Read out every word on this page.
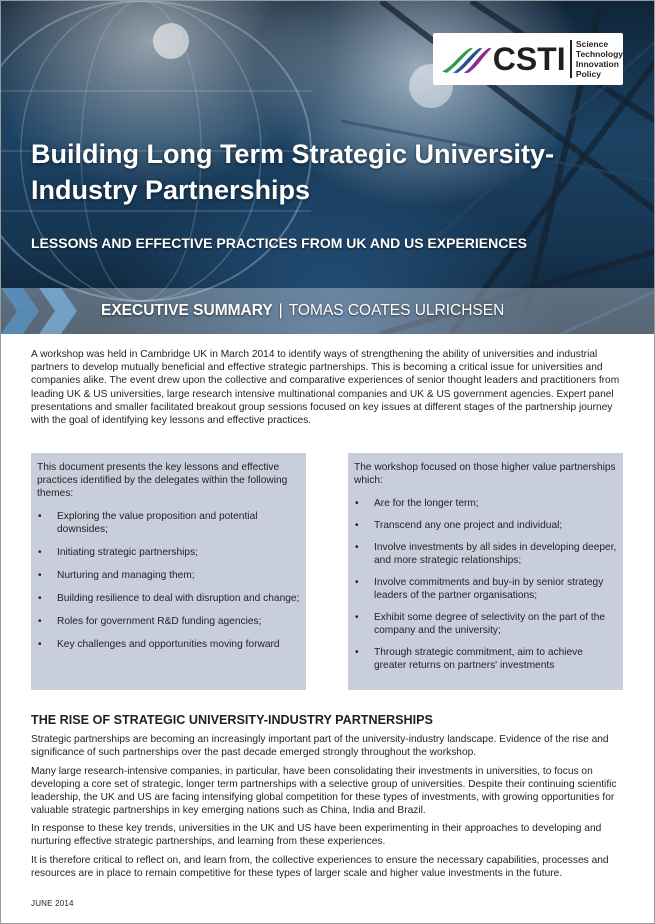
CSTI Science
Technology
Innovation
Policy
Building Long Term Strategic University-
Industry Partnerships
LESSONS AND EFFECTIVE PRACTICES FROM UK AND US EXPERIENCES
EXECUTIVE SUMMARY | TOMAS COATES ULRICHSEN

A workshop was held in Cambridge UK in March 2014 to identify ways of strengthening the ability of universities and industrial partners to develop mutually beneficial and effective strategic partnerships. This is becoming a critical issue for universities and companies alike. The event drew upon the collective and comparative experiences of senior thought leaders and practitioners from leading UK & US universities, large research intensive multinational companies and UK & US government agencies. Expert panel presentations and smaller facilitated breakout group sessions focused on key issues at different stages of the partnership journey with the goal of identifying key lessons and effective practices.

This document presents the key lessons and effective practices identified by the delegates within the following themes:

• Exploring the value proposition and potential downsides;
• Initiating strategic partnerships;
• Nurturing and managing them;
• Building resilience to deal with disruption and change;
• Roles for government R&D funding agencies;
• Key challenges and opportunities moving forward

The workshop focused on those higher value partnerships which:

• Are for the longer term;
• Transcend any one project and individual;
• Involve investments by all sides in developing deeper, and more strategic relationships;
• Involve commitments and buy-in by senior strategy leaders of the partner organisations;
• Exhibit some degree of selectivity on the part of the company and the university;
• Through strategic commitment, aim to achieve greater returns on partners' investments
THE RISE OF STRATEGIC UNIVERSITY-INDUSTRY PARTNERSHIPS

Strategic partnerships are becoming an increasingly important part of the university-industry landscape. Evidence of the rise and significance of such partnerships over the past decade emerged strongly throughout the workshop.

Many large research-intensive companies, in particular, have been consolidating their investments in universities, to focus on developing a core set of strategic, longer term partnerships with a selective group of universities. Despite their continuing scientific leadership, the UK and US are facing intensifying global competition for these types of investments, with growing opportunities for valuable strategic partnerships in key emerging nations such as China, India and Brazil.

In response to these key trends, universities in the UK and US have been experimenting in their approaches to developing and nurturing effective strategic partnerships, and learning from these experiences.

It is therefore critical to reflect on, and learn from, the collective experiences to ensure the necessary capabilities, processes and resources are in place to remain competitive for these types of larger scale and higher value investments in the future.

JUNE 2014
